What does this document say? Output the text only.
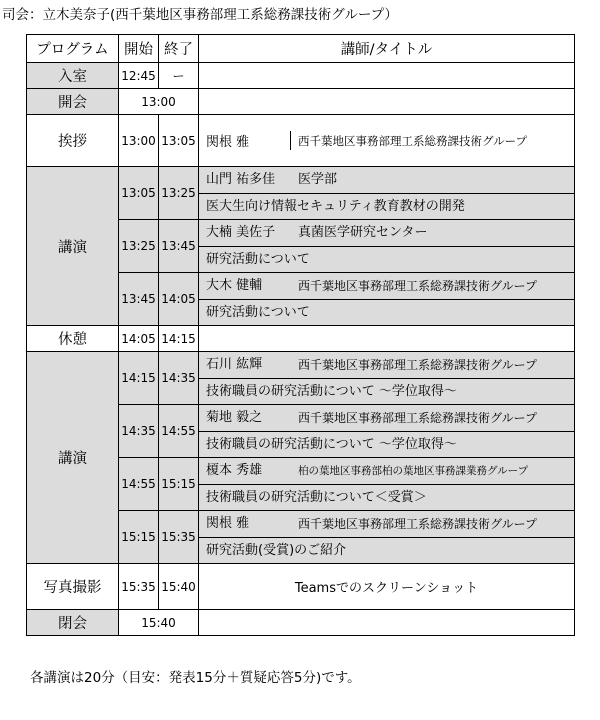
司会：立木美奈子(西千葉地区事務部理工系総務課技術グループ）
プログラム	開始	終了	講師/タイトル
入室	12:45	ー	
開会	13:00		
挨拶	13:00	13:05	関根 雅 西千葉地区事務部理工系総務課技術グループ

講演	13:05	13:25	山門 祐多佳 医学部
医大生向け情報セキュリティ教育教材の開発

	13:25	13:45	大楠 美佐子 真菌医学研究センター
研究活動について

	13:45	14:05	大木 健輔 西千葉地区事務部理工系総務課技術グループ
研究活動について

休憩	14:05	14:15	
講演	14:15	14:35	石川 紘輝 西千葉地区事務部理工系総務課技術グループ
技術職員の研究活動について ～学位取得～

	14:35	14:55	菊地 毅之 西千葉地区事務部理工系総務課技術グループ
技術職員の研究活動について ～学位取得～

	14:55	15:15	榎本 秀雄 柏の葉地区事務部柏の葉地区事務課業務グループ
技術職員の研究活動について＜受賞＞

	15:15	15:35	関根 雅 西千葉地区事務部理工系総務課技術グループ
研究活動(受賞)のご紹介

写真撮影	15:35	15:40	Teamsでのスクリーンショット
閉会	15:40		
各講演は20分（目安：発表15分＋質疑応答5分)です。
